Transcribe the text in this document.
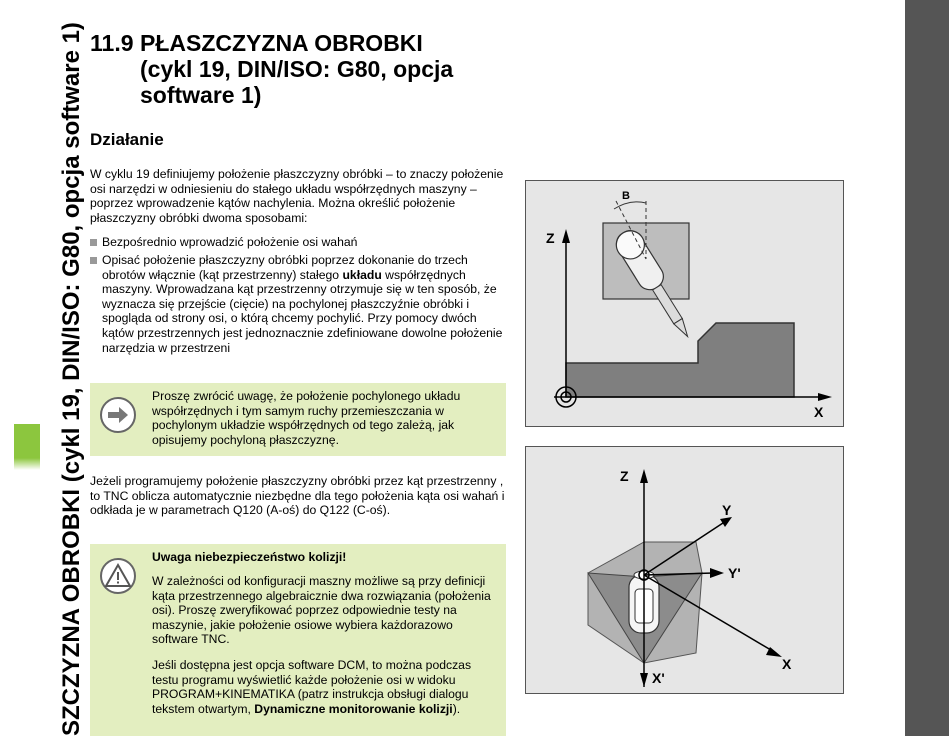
SZCZYZNA OBROBKI (cykl 19, DIN/ISO: G80, opcja software 1) 11.9 PŁASZCZYZNA OBROBKI
(cykl 19, DIN/ISO: G80, opcja
software 1)
Działanie
W cyklu 19 definiujemy położenie płaszczyzny obróbki – to znaczy położenie osi narzędzi w odniesieniu do stałego układu współrzędnych maszyny – poprzez wprowadzenie kątów nachylenia. Można określić położenie płaszczyzny obróbki dwoma sposobami:
Bezpośrednio wprowadzić położenie osi wahań
Opisać położenie płaszczyzny obróbki poprzez dokonanie do trzech obrotów włącznie (kąt przestrzenny) stałego układu współrzędnych maszyny. Wprowadzana kąt przestrzenny otrzymuje się w ten sposób, że wyznacza się przejście (cięcie) na pochylonej płaszczyźnie obróbki i spogląda od strony osi, o którą chcemy pochylić. Przy pomocy dwóch kątów przestrzennych jest jednoznacznie zdefiniowane dowolne położenie narzędzia w przestrzeni
Proszę zwrócić uwagę, że położenie pochylonego układu współrzędnych i tym samym ruchy przemieszczania w pochylonym układzie współrzędnych od tego zależą, jak opisujemy pochyloną płaszczyznę.
Jeżeli programujemy położenie płaszczyzny obróbki przez kąt przestrzenny , to TNC oblicza automatycznie niezbędne dla tego położenia kąta osi wahań i odkłada je w parametrach Q120 (A-oś) do Q122 (C-oś).
Uwaga niebezpieczeństwo kolizji!
W zależności od konfiguracji maszny możliwe są przy definicji kąta przestrzennego algebraicznie dwa rozwiązania (położenia osi). Proszę zweryfikować poprzez odpowiednie testy na maszynie, jakie położenie osiowe wybiera każdorazowo software TNC.
Jeśli dostępna jest opcja software DCM, to można podczas testu programu wyświetlić każde położenie osi w widoku PROGRAM+KINEMATIKA (patrz instrukcja obsługi dialogu tekstem otwartym, Dynamiczne monitorowanie kolizji).
Z
X
B
Z
Y
Y'
X
X'
